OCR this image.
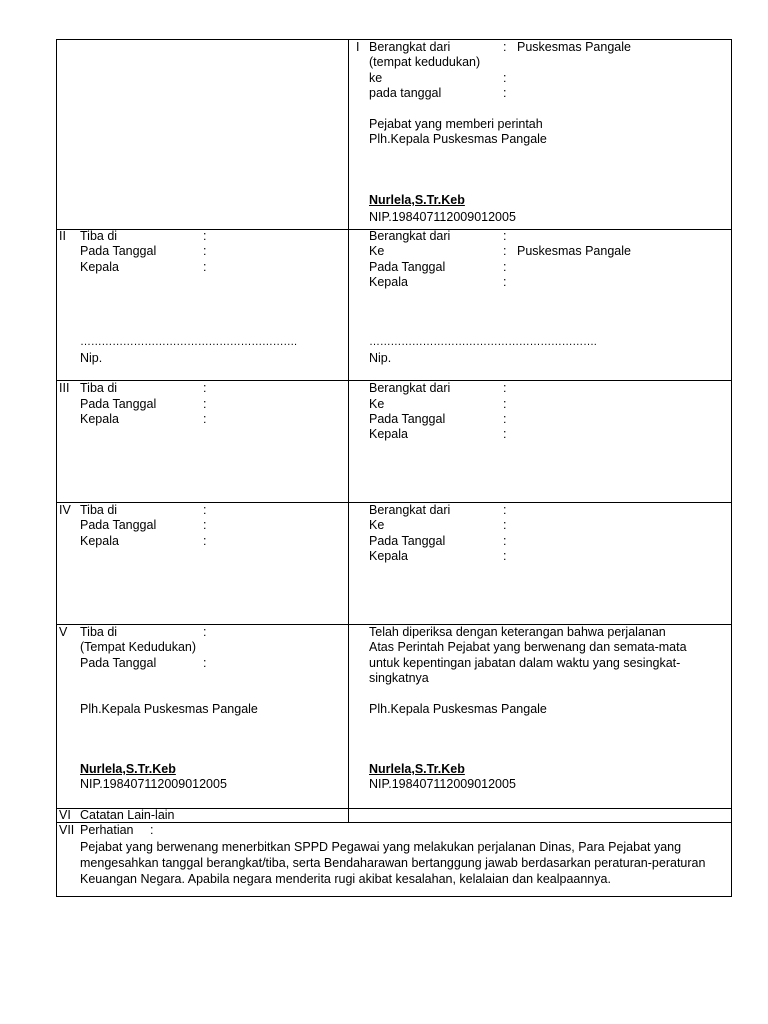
I Berangkat dari	: Puskesmas Pangale
(tempat kedudukan)
ke	:
pada tanggal	:
Pejabat yang memberi perintah
Plh.Kepala Puskesmas Pangale
Nurlela,S.Tr.Keb
NIP.198407112009012005
II Tiba di	:
Pada Tanggal	:
Kepala	:
Berangkat dari	:
Ke	: Puskesmas Pangale
Pada Tanggal	:
Kepala	:
…………………………………………………….	……………………………………………………….
Nip.	Nip.
III Tiba di	:
Pada Tanggal	:
Kepala	:
Berangkat dari	:
Ke	:
Pada Tanggal	:
Kepala	:
IV Tiba di	:
Pada Tanggal	:
Kepala	:
Berangkat dari	:
Ke	:
Pada Tanggal	:
Kepala	:
V Tiba di	:
(Tempat Kedudukan)
Pada Tanggal	:
Telah diperiksa dengan keterangan bahwa perjalanan
Atas Perintah Pejabat yang berwenang dan semata-mata
untuk kepentingan jabatan dalam waktu yang sesingkat-
singkatnya
Plh.Kepala Puskesmas Pangale	Plh.Kepala Puskesmas Pangale
Nurlela,S.Tr.Keb	Nurlela,S.Tr.Keb
NIP.198407112009012005	NIP.198407112009012005
VI Catatan Lain-lain
VII Perhatian :
Pejabat yang berwenang menerbitkan SPPD Pegawai yang melakukan perjalanan Dinas, Para Pejabat yang
mengesahkan tanggal berangkat/tiba, serta Bendaharawan bertanggung jawab berdasarkan peraturan-peraturan
Keuangan Negara. Apabila negara menderita rugi akibat kesalahan, kelalaian dan kealpaannya.
